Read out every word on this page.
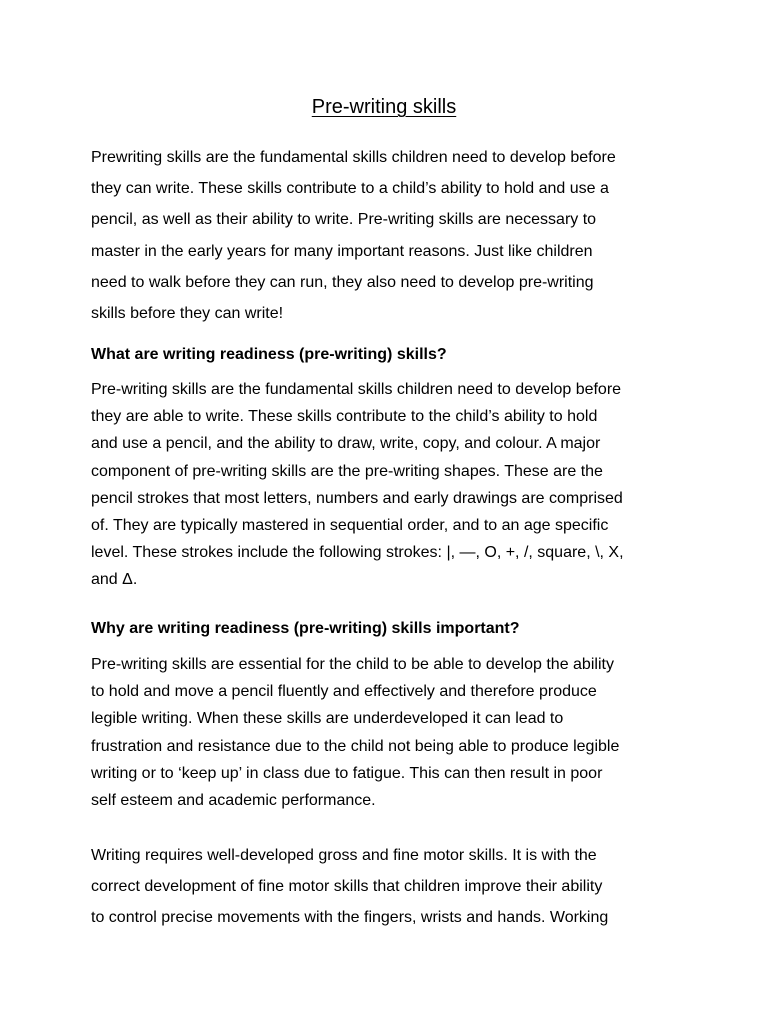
Pre-writing skills

Prewriting skills are the fundamental skills children need to develop before
they can write. These skills contribute to a child’s ability to hold and use a
pencil, as well as their ability to write. Pre-writing skills are necessary to
master in the early years for many important reasons. Just like children
need to walk before they can run, they also need to develop pre-writing
skills before they can write!

What are writing readiness (pre-writing) skills?

Pre-writing skills are the fundamental skills children need to develop before
they are able to write. These skills contribute to the child’s ability to hold
and use a pencil, and the ability to draw, write, copy, and colour. A major
component of pre-writing skills are the pre-writing shapes. These are the
pencil strokes that most letters, numbers and early drawings are comprised
of. They are typically mastered in sequential order, and to an age specific
level. These strokes include the following strokes: |, —, O, +, /, square, \, X,
and Δ.

Why are writing readiness (pre-writing) skills important?

Pre-writing skills are essential for the child to be able to develop the ability
to hold and move a pencil fluently and effectively and therefore produce
legible writing. When these skills are underdeveloped it can lead to
frustration and resistance due to the child not being able to produce legible
writing or to ‘keep up’ in class due to fatigue. This can then result in poor
self esteem and academic performance.

Writing requires well-developed gross and fine motor skills. It is with the
correct development of fine motor skills that children improve their ability
to control precise movements with the fingers, wrists and hands. Working
